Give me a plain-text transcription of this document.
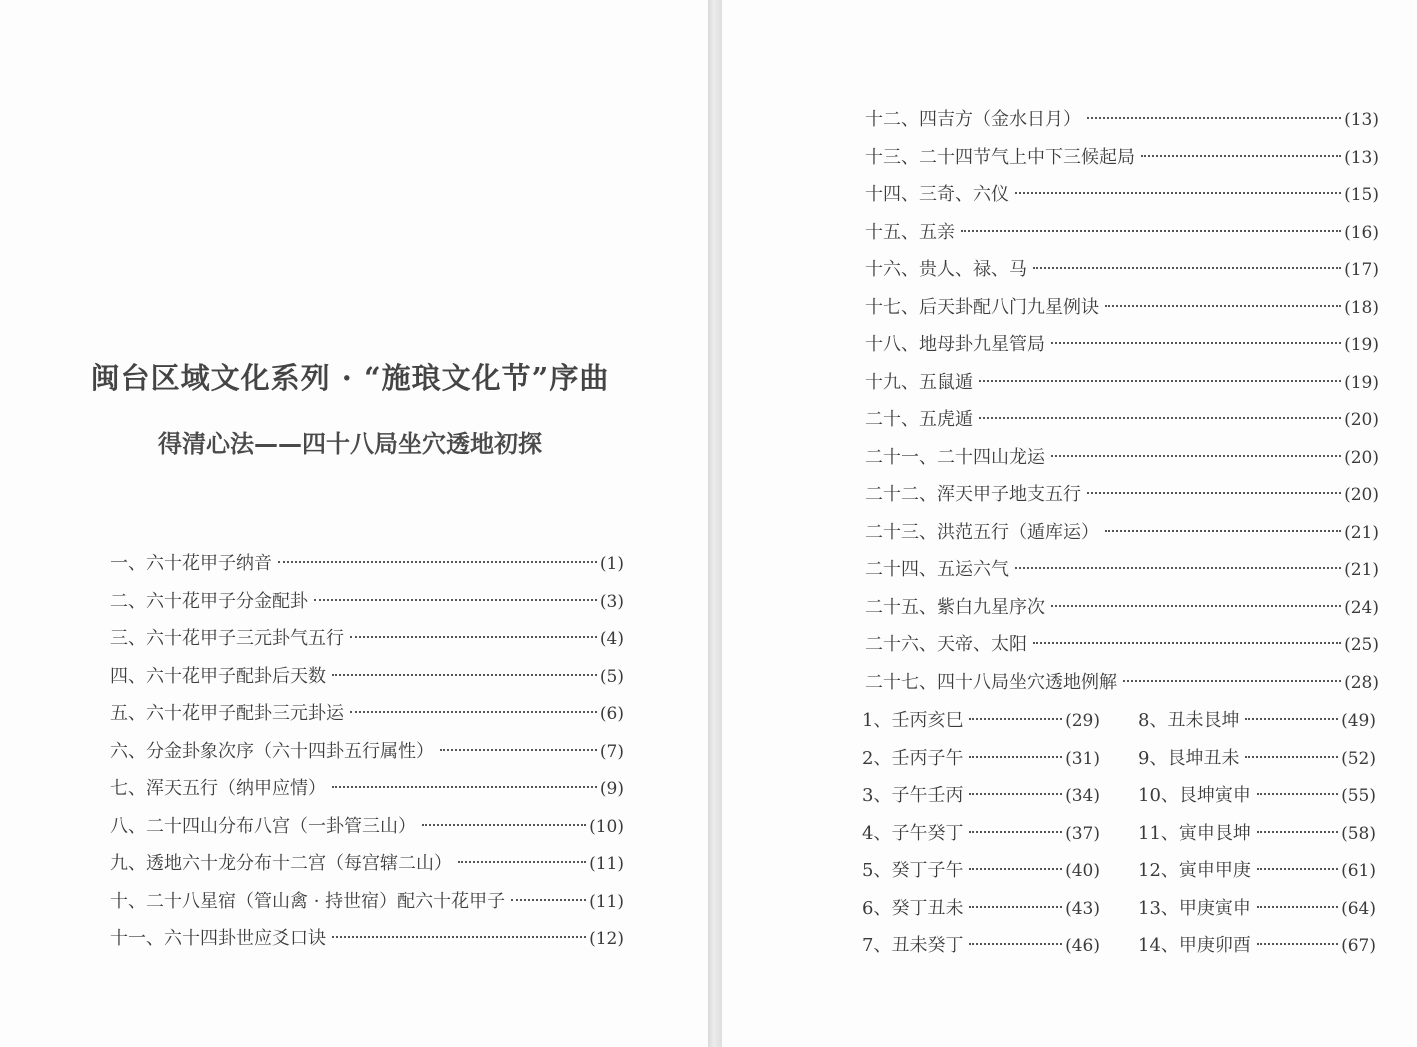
闽台区域文化系列 · “施琅文化节”序曲
得清心法——四十八局坐穴透地初探
一、六十花甲子纳音	(1)
二、六十花甲子分金配卦	(3)
三、六十花甲子三元卦气五行	(4)
四、六十花甲子配卦后天数	(5)
五、六十花甲子配卦三元卦运	(6)
六、分金卦象次序（六十四卦五行属性）	(7)
七、浑天五行（纳甲应情）	(9)
八、二十四山分布八宫（一卦管三山）	(10)
九、透地六十龙分布十二宫（每宫辖二山）	(11)
十、二十八星宿（管山禽 · 持世宿）配六十花甲子	(11)
十一、六十四卦世应爻口诀	(12)
十二、四吉方（金水日月）	(13)
十三、二十四节气上中下三候起局	(13)
十四、三奇、六仪	(15)
十五、五亲	(16)
十六、贵人、禄、马	(17)
十七、后天卦配八门九星例诀	(18)
十八、地母卦九星管局	(19)
十九、五鼠遁	(19)
二十、五虎遁	(20)
二十一、二十四山龙运	(20)
二十二、浑天甲子地支五行	(20)
二十三、洪范五行（遁库运）	(21)
二十四、五运六气	(21)
二十五、紫白九星序次	(24)
二十六、天帝、太阳	(25)
二十七、四十八局坐穴透地例解	(28)
1、壬丙亥巳	(29)
2、壬丙子午	(31)
3、子午壬丙	(34)
4、子午癸丁	(37)
5、癸丁子午	(40)
6、癸丁丑未	(43)
7、丑未癸丁	(46)
8、丑未艮坤	(49)
9、艮坤丑未	(52)
10、艮坤寅申	(55)
11、寅申艮坤	(58)
12、寅申甲庚	(61)
13、甲庚寅申	(64)
14、甲庚卯酉	(67)
